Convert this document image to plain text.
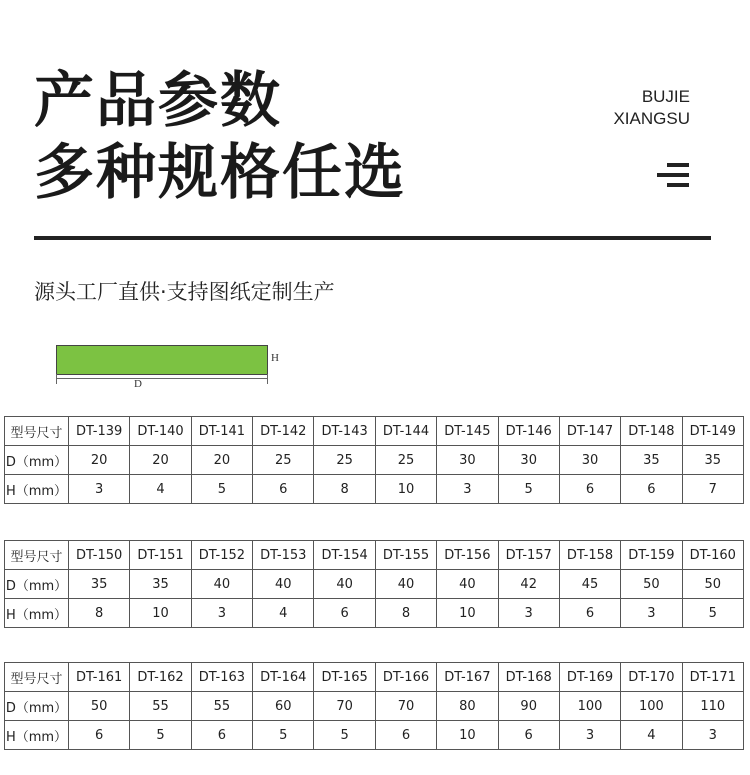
产品参数
多种规格任选
BUJIE
XIANGSU
源头工厂直供·支持图纸定制生产
D
H
型号尺寸	DT-139	DT-140	DT-141	DT-142	DT-143	DT-144	DT-145	DT-146	DT-147	DT-148	DT-149
D（mm）	20	20	20	25	25	25	30	30	30	35	35
H（mm）	3	4	5	6	8	10	3	5	6	6	7
型号尺寸	DT-150	DT-151	DT-152	DT-153	DT-154	DT-155	DT-156	DT-157	DT-158	DT-159	DT-160
D（mm）	35	35	40	40	40	40	40	42	45	50	50
H（mm）	8	10	3	4	6	8	10	3	6	3	5
型号尺寸	DT-161	DT-162	DT-163	DT-164	DT-165	DT-166	DT-167	DT-168	DT-169	DT-170	DT-171
D（mm）	50	55	55	60	70	70	80	90	100	100	110
H（mm）	6	5	6	5	5	6	10	6	3	4	3
